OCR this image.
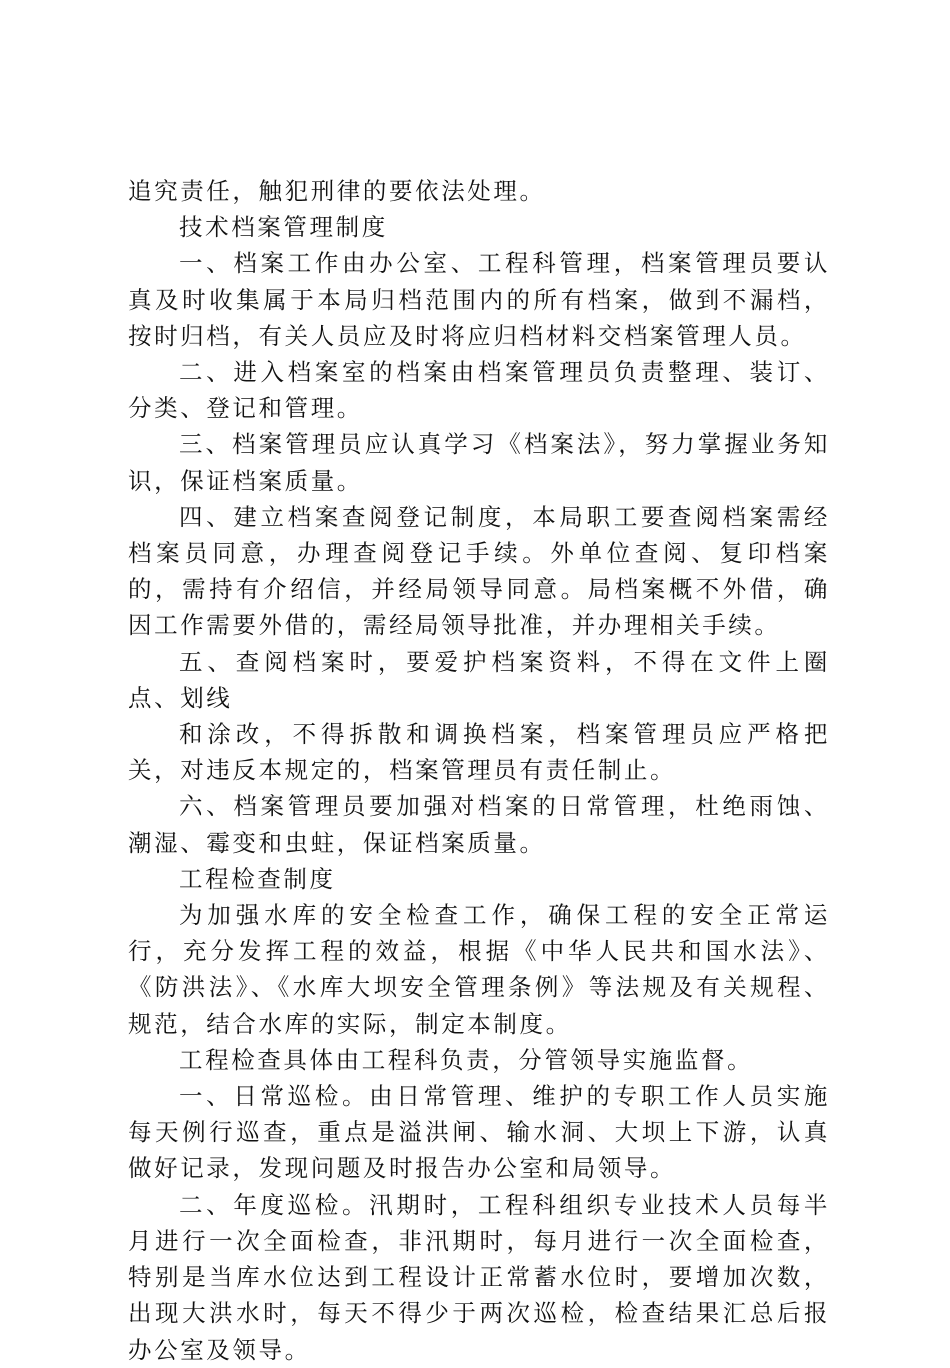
追究责任，触犯刑律的要依法处理。

技术档案管理制度

一、档案工作由办公室、工程科管理，档案管理员要认真及时收集属于本局归档范围内的所有档案，做到不漏档，按时归档，有关人员应及时将应归档材料交档案管理人员。

二、进入档案室的档案由档案管理员负责整理、装订、分类、登记和管理。

三、档案管理员应认真学习《档案法》，努力掌握业务知识，保证档案质量。

四、建立档案查阅登记制度，本局职工要查阅档案需经档案员同意，办理查阅登记手续。外单位查阅、复印档案的，需持有介绍信，并经局领导同意。局档案概不外借，确因工作需要外借的，需经局领导批准，并办理相关手续。

五、查阅档案时，要爱护档案资料，不得在文件上圈点、划线

和涂改，不得拆散和调换档案，档案管理员应严格把关，对违反本规定的，档案管理员有责任制止。

六、档案管理员要加强对档案的日常管理，杜绝雨蚀、潮湿、霉变和虫蛀，保证档案质量。

工程检查制度

为加强水库的安全检查工作，确保工程的安全正常运行，充分发挥工程的效益，根据《中华人民共和国水法》、《防洪法》、《水库大坝安全管理条例》等法规及有关规程、规范，结合水库的实际，制定本制度。

工程检查具体由工程科负责，分管领导实施监督。

一、日常巡检。由日常管理、维护的专职工作人员实施每天例行巡查，重点是溢洪闸、输水洞、大坝上下游，认真做好记录，发现问题及时报告办公室和局领导。

二、年度巡检。汛期时，工程科组织专业技术人员每半月进行一次全面检查，非汛期时，每月进行一次全面检查，特别是当库水位达到工程设计正常蓄水位时，要增加次数，出现大洪水时，每天不得少于两次巡检，检查结果汇总后报办公室及领导。
